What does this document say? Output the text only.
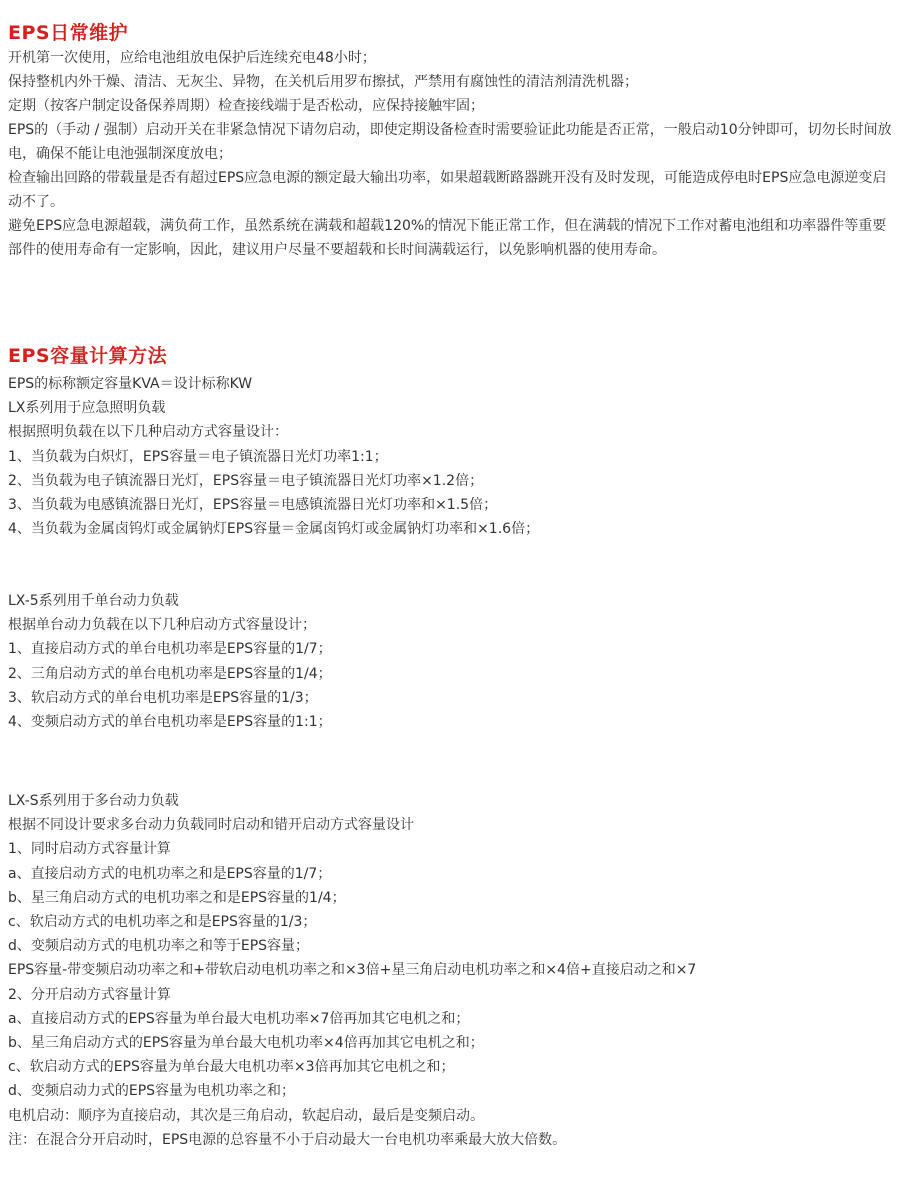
EPS日常维护

开机第一次使用，应给电池组放电保护后连续充电48小时；

保持整机内外干燥、清洁、无灰尘、异物，在关机后用罗布擦拭，严禁用有腐蚀性的清洁剂清洗机器；

定期（按客户制定设备保养周期）检查接线端于是否松动，应保持接触牢固；

EPS的（手动 / 强制）启动开关在非紧急情况下请勿启动，即使定期设备检查时需要验证此功能是否正常，一般启动10分钟即可，切勿长时间放电，确保不能让电池强制深度放电；

检查输出回路的带载量是否有超过EPS应急电源的额定最大输出功率，如果超载断路器跳开没有及时发现，可能造成停电时EPS应急电源逆变启动不了。

避免EPS应急电源超载，满负荷工作，虽然系统在满载和超载120%的情况下能正常工作，但在满载的情况下工作对蓄电池组和功率器件等重要部件的使用寿命有一定影响，因此，建议用户尽量不要超载和长时间满载运行，以免影响机器的使用寿命。

EPS容量计算方法

EPS的标称额定容量KVA＝设计标称KW

LX系列用于应急照明负载

根据照明负载在以下几种启动方式容量设计：

1、当负载为白炽灯，EPS容量＝电子镇流器日光灯功率1:1；

2、当负载为电子镇流器日光灯，EPS容量＝电子镇流器日光灯功率×1.2倍；

3、当负载为电感镇流器日光灯，EPS容量＝电感镇流器日光灯功率和×1.5倍；

4、当负载为金属卤钨灯或金属钠灯EPS容量＝金属卤钨灯或金属钠灯功率和×1.6倍；

LX-5系列用千单台动力负载

根据单台动力负载在以下几种启动方式容量设计；

1、直接启动方式的单台电机功率是EPS容量的1/7；

2、三角启动方式的单台电机功率是EPS容量的1/4；

3、软启动方式的单台电机功率是EPS容量的1/3；

4、变频启动方式的单台电机功率是EPS容量的1:1；

LX-S系列用于多台动力负载

根据不同设计要求多台动力负载同时启动和错开启动方式容量设计

1、同时启动方式容量计算

a、直接启动方式的电机功率之和是EPS容量的1/7；

b、星三角启动方式的电机功率之和是EPS容量的1/4；

c、软启动方式的电机功率之和是EPS容量的1/3；

d、变频启动方式的电机功率之和等于EPS容量；

EPS容量-带变频启动功率之和+带软启动电机功率之和×3倍+星三角启动电机功率之和×4倍+直接启动之和×7

2、分开启动方式容量计算

a、直接启动方式的EPS容量为单台最大电机功率×7倍再加其它电机之和；

b、星三角启动方式的EPS容量为单台最大电机功率×4倍再加其它电机之和；

c、软启动方式的EPS容量为单台最大电机功率×3倍再加其它电机之和；

d、变频启动力式的EPS容量为电机功率之和；

电机启动：顺序为直接启动，其次是三角启动，软起启动，最后是变频启动。

注：在混合分开启动时，EPS电源的总容量不小于启动最大一台电机功率乘最大放大倍数。
